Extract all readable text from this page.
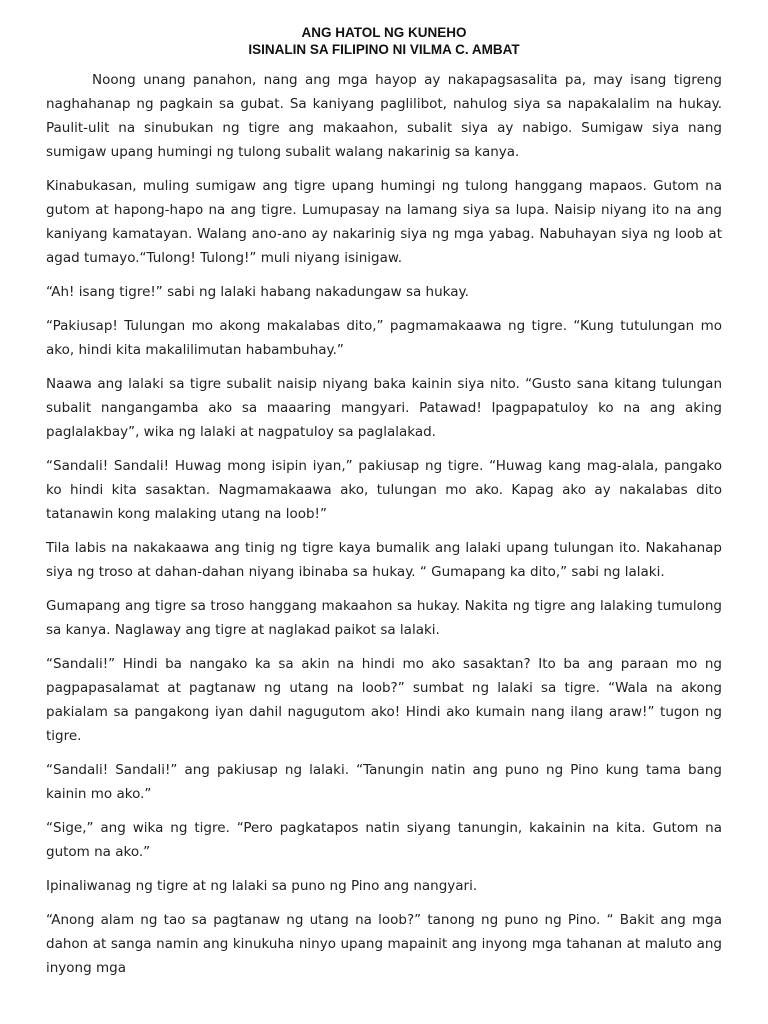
ANG HATOL NG KUNEHO
ISINALIN SA FILIPINO NI VILMA C. AMBAT

Noong unang panahon, nang ang mga hayop ay nakapagsasalita pa, may isang tigreng naghahanap ng pagkain sa gubat. Sa kaniyang paglilibot, nahulog siya sa napakalalim na hukay. Paulit-ulit na sinubukan ng tigre ang makaahon, subalit siya ay nabigo. Sumigaw siya nang sumigaw upang humingi ng tulong subalit walang nakarinig sa kanya.

Kinabukasan, muling sumigaw ang tigre upang humingi ng tulong hanggang mapaos. Gutom na gutom at hapong-hapo na ang tigre. Lumupasay na lamang siya sa lupa. Naisip niyang ito na ang kaniyang kamatayan. Walang ano-ano ay nakarinig siya ng mga yabag. Nabuhayan siya ng loob at agad tumayo.“Tulong! Tulong!” muli niyang isinigaw.

“Ah! isang tigre!” sabi ng lalaki habang nakadungaw sa hukay.

“Pakiusap! Tulungan mo akong makalabas dito,” pagmamakaawa ng tigre. “Kung tutulungan mo ako, hindi kita makalilimutan habambuhay.”

Naawa ang lalaki sa tigre subalit naisip niyang baka kainin siya nito. “Gusto sana kitang tulungan subalit nangangamba ako sa maaaring mangyari. Patawad! Ipagpapatuloy ko na ang aking paglalakbay”, wika ng lalaki at nagpatuloy sa paglalakad.

“Sandali! Sandali! Huwag mong isipin iyan,” pakiusap ng tigre. “Huwag kang mag-alala, pangako ko hindi kita sasaktan. Nagmamakaawa ako, tulungan mo ako. Kapag ako ay nakalabas dito tatanawin kong malaking utang na loob!”

Tila labis na nakakaawa ang tinig ng tigre kaya bumalik ang lalaki upang tulungan ito. Nakahanap siya ng troso at dahan-dahan niyang ibinaba sa hukay. “ Gumapang ka dito,” sabi ng lalaki.

Gumapang ang tigre sa troso hanggang makaahon sa hukay. Nakita ng tigre ang lalaking tumulong sa kanya. Naglaway ang tigre at naglakad paikot sa lalaki.

“Sandali!” Hindi ba nangako ka sa akin na hindi mo ako sasaktan? Ito ba ang paraan mo ng pagpapasalamat at pagtanaw ng utang na loob?” sumbat ng lalaki sa tigre. “Wala na akong pakialam sa pangakong iyan dahil nagugutom ako! Hindi ako kumain nang ilang araw!” tugon ng tigre.

“Sandali! Sandali!” ang pakiusap ng lalaki. “Tanungin natin ang puno ng Pino kung tama bang kainin mo ako.”

“Sige,” ang wika ng tigre. “Pero pagkatapos natin siyang tanungin, kakainin na kita. Gutom na gutom na ako.”

Ipinaliwanag ng tigre at ng lalaki sa puno ng Pino ang nangyari.

“Anong alam ng tao sa pagtanaw ng utang na loob?” tanong ng puno ng Pino. “ Bakit ang mga dahon at sanga namin ang kinukuha ninyo upang mapainit ang inyong mga tahanan at maluto ang inyong mga
